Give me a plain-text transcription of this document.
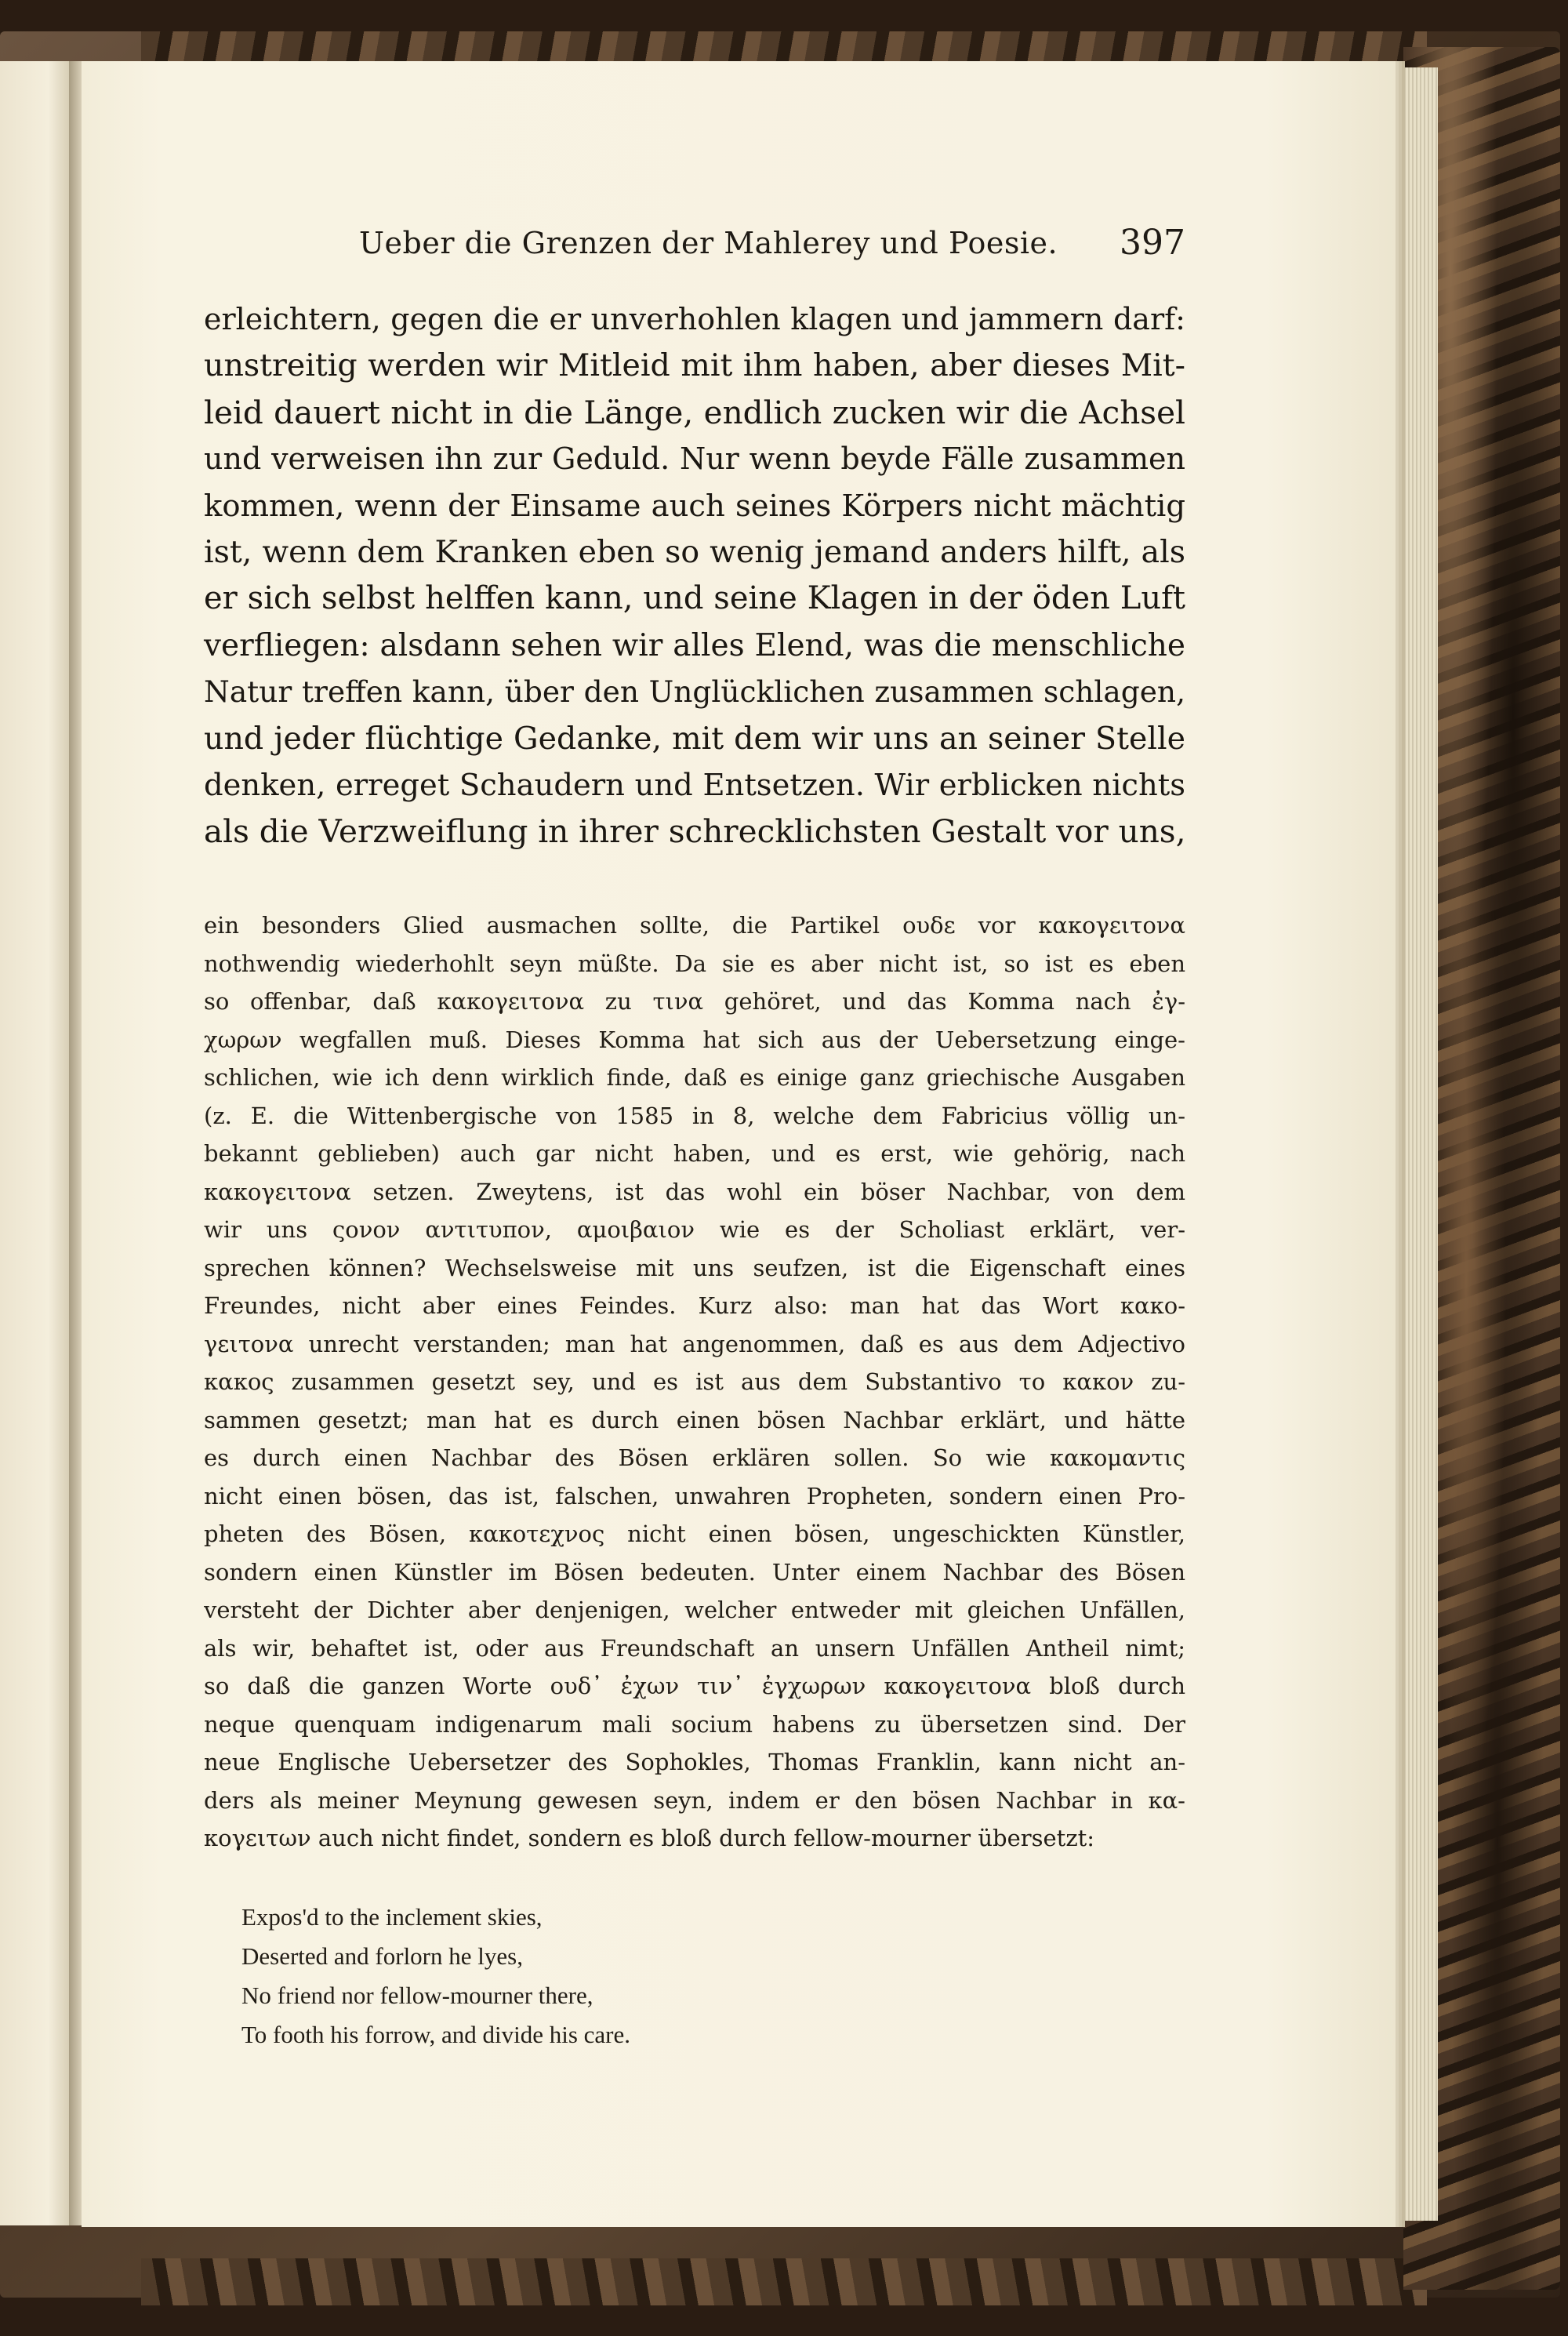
Ueber die Grenzen der Mahlerey und Poesie.	397
erleichtern, gegen die er unverhohlen klagen und jammern darf:
unstreitig werden wir Mitleid mit ihm haben, aber dieses Mit-
leid dauert nicht in die Länge, endlich zucken wir die Achsel
und verweisen ihn zur Geduld. Nur wenn beyde Fälle zusammen
kommen, wenn der Einsame auch seines Körpers nicht mächtig
ist, wenn dem Kranken eben so wenig jemand anders hilft, als
er sich selbst helffen kann, und seine Klagen in der öden Luft
verfliegen: alsdann sehen wir alles Elend, was die menschliche
Natur treffen kann, über den Unglücklichen zusammen schlagen,
und jeder flüchtige Gedanke, mit dem wir uns an seiner Stelle
denken, erreget Schaudern und Entsetzen. Wir erblicken nichts
als die Verzweiflung in ihrer schrecklichsten Gestalt vor uns,
ein besonders Glied ausmachen sollte, die Partikel ουδε vor κακογειτονα
nothwendig wiederhohlt seyn müßte. Da sie es aber nicht ist, so ist es eben
so offenbar, daß κακογειτονα zu τινα gehöret, und das Komma nach ἐγ-
χωρων wegfallen muß. Dieses Komma hat sich aus der Uebersetzung einge-
schlichen, wie ich denn wirklich finde, daß es einige ganz griechische Ausgaben
(z. E. die Wittenbergische von 1585 in 8, welche dem Fabricius völlig un-
bekannt geblieben) auch gar nicht haben, und es erst, wie gehörig, nach
κακογειτονα setzen. Zweytens, ist das wohl ein böser Nachbar, von dem
wir uns ςονον αντιτυπον, αμοιβαιον wie es der Scholiast erklärt, ver-
sprechen können? Wechselsweise mit uns seufzen, ist die Eigenschaft eines
Freundes, nicht aber eines Feindes. Kurz also: man hat das Wort κακο-
γειτονα unrecht verstanden; man hat angenommen, daß es aus dem Adjectivo
κακος zusammen gesetzt sey, und es ist aus dem Substantivo το κακον zu-
sammen gesetzt; man hat es durch einen bösen Nachbar erklärt, und hätte
es durch einen Nachbar des Bösen erklären sollen. So wie κακομαντις
nicht einen bösen, das ist, falschen, unwahren Propheten, sondern einen Pro-
pheten des Bösen, κακοτεχνος nicht einen bösen, ungeschickten Künstler,
sondern einen Künstler im Bösen bedeuten. Unter einem Nachbar des Bösen
versteht der Dichter aber denjenigen, welcher entweder mit gleichen Unfällen,
als wir, behaftet ist, oder aus Freundschaft an unsern Unfällen Antheil nimt;
so daß die ganzen Worte ουδ᾽ ἐχων τιν᾽ ἐγχωρων κακογειτονα bloß durch
neque quenquam indigenarum mali socium habens zu übersetzen sind. Der
neue Englische Uebersetzer des Sophokles, Thomas Franklin, kann nicht an-
ders als meiner Meynung gewesen seyn, indem er den bösen Nachbar in κα-
κογειτων auch nicht findet, sondern es bloß durch fellow-mourner übersetzt:
Expos'd to the inclement skies,
Deserted and forlorn he lyes,
No friend nor fellow-mourner there,
To footh his forrow, and divide his care.
